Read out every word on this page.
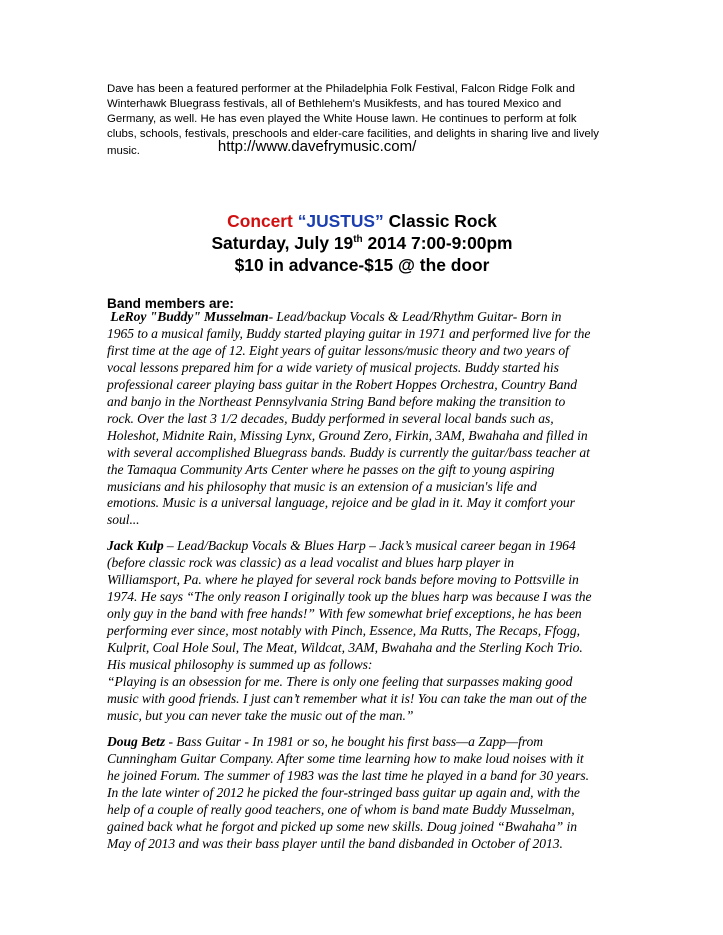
Dave has been a featured performer at the Philadelphia Folk Festival, Falcon Ridge Folk and
Winterhawk Bluegrass festivals, all of Bethlehem's Musikfests, and has toured Mexico and
Germany, as well. He has even played the White House lawn. He continues to perform at folk
clubs, schools, festivals, preschools and elder-care facilities, and delights in sharing live and lively
music.	http://www.davefrymusic.com/
Concert “JUSTUS” Classic Rock
Saturday, July 19th 2014 7:00-9:00pm
$10 in advance-$15 @ the door

Band members are:

LeRoy "Buddy" Musselman- Lead/backup Vocals & Lead/Rhythm Guitar- Born in
1965 to a musical family, Buddy started playing guitar in 1971 and performed live for the
first time at the age of 12. Eight years of guitar lessons/music theory and two years of
vocal lessons prepared him for a wide variety of musical projects. Buddy started his
professional career playing bass guitar in the Robert Hoppes Orchestra, Country Band
and banjo in the Northeast Pennsylvania String Band before making the transition to
rock. Over the last 3 1/2 decades, Buddy performed in several local bands such as,
Holeshot, Midnite Rain, Missing Lynx, Ground Zero, Firkin, 3AM, Bwahaha and filled in
with several accomplished Bluegrass bands. Buddy is currently the guitar/bass teacher at
the Tamaqua Community Arts Center where he passes on the gift to young aspiring
musicians and his philosophy that music is an extension of a musician's life and
emotions. Music is a universal language, rejoice and be glad in it. May it comfort your
soul...
Jack Kulp – Lead/Backup Vocals & Blues Harp – Jack’s musical career began in 1964
(before classic rock was classic) as a lead vocalist and blues harp player in
Williamsport, Pa. where he played for several rock bands before moving to Pottsville in
1974. He says “The only reason I originally took up the blues harp was because I was the
only guy in the band with free hands!” With few somewhat brief exceptions, he has been
performing ever since, most notably with Pinch, Essence, Ma Rutts, The Recaps, Ffogg,
Kulprit, Coal Hole Soul, The Meat, Wildcat, 3AM, Bwahaha and the Sterling Koch Trio.
His musical philosophy is summed up as follows:
“Playing is an obsession for me. There is only one feeling that surpasses making good
music with good friends. I just can’t remember what it is! You can take the man out of the
music, but you can never take the music out of the man.”
Doug Betz - Bass Guitar - In 1981 or so, he bought his first bass—a Zapp—from
Cunningham Guitar Company. After some time learning how to make loud noises with it
he joined Forum. The summer of 1983 was the last time he played in a band for 30 years.
In the late winter of 2012 he picked the four-stringed bass guitar up again and, with the
help of a couple of really good teachers, one of whom is band mate Buddy Musselman,
gained back what he forgot and picked up some new skills. Doug joined “Bwahaha” in
May of 2013 and was their bass player until the band disbanded in October of 2013.
